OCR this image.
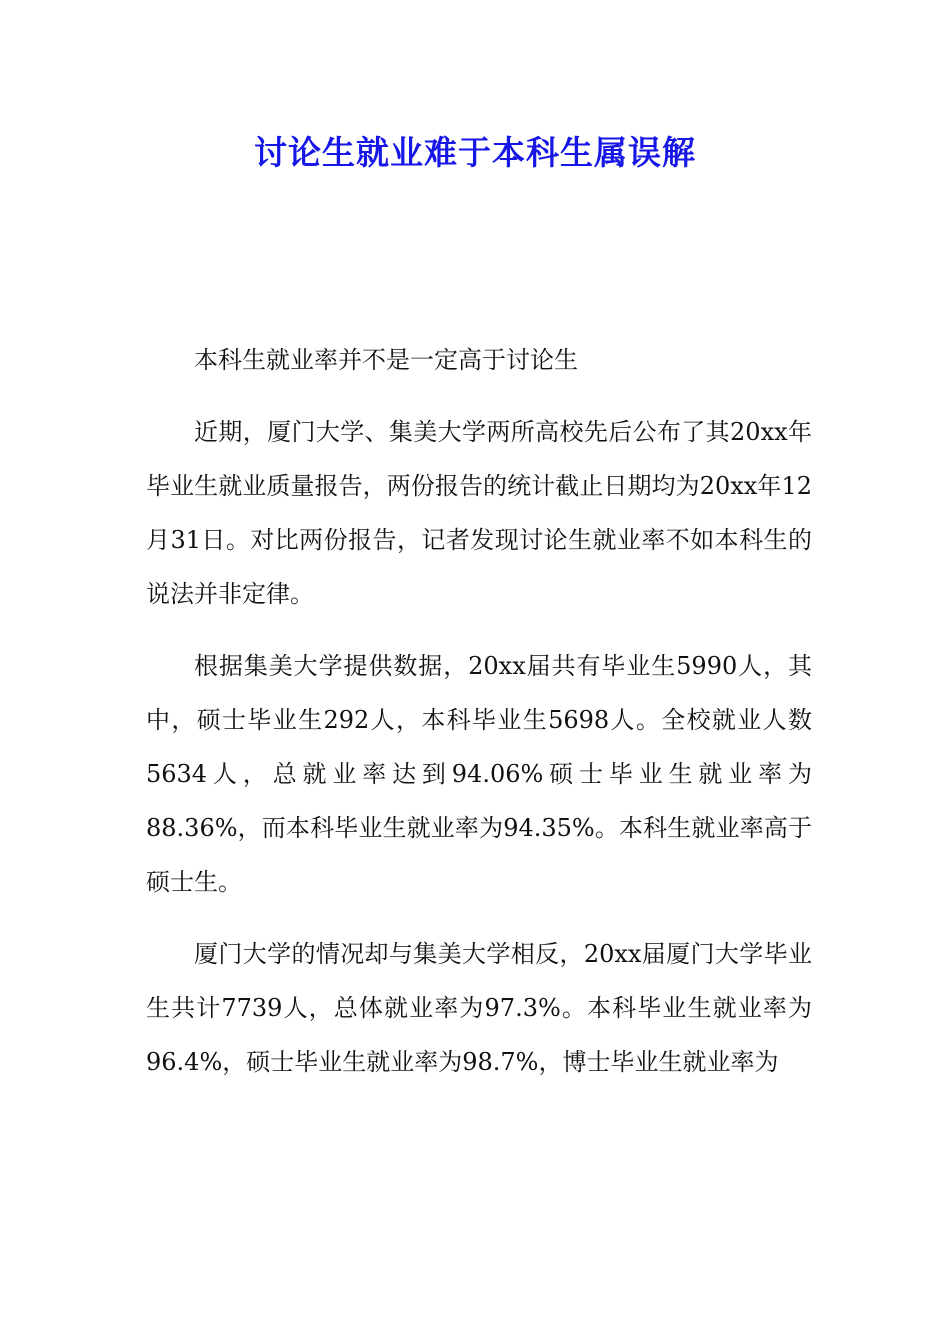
讨论生就业难于本科生属误解

本科生就业率并不是一定高于讨论生

近期，厦门大学、集美大学两所高校先后公布了其20xx年毕业生就业质量报告，两份报告的统计截止日期均为20xx年12月31日。对比两份报告，记者发现讨论生就业率不如本科生的说法并非定律。

根据集美大学提供数据，20xx届共有毕业生5990人，其中，硕士毕业生292人，本科毕业生5698人。全校就业人数5634人，总就业率达到94.06%硕士毕业生就业率为88.36%，而本科毕业生就业率为94.35%。本科生就业率高于硕士生。

厦门大学的情况却与集美大学相反，20xx届厦门大学毕业生共计7739人，总体就业率为97.3%。本科毕业生就业率为96.4%，硕士毕业生就业率为98.7%，博士毕业生就业率为
